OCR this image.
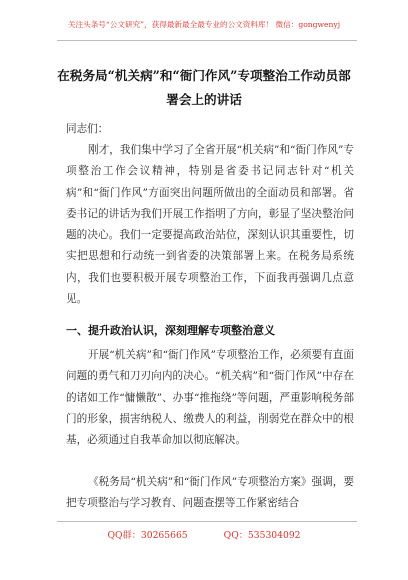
关注头条号“公文研究”，获得最新最全最专业的公文资料库！ 微信：gongwenyj
在税务局“机关病”和“衙门作风”专项整治工作动员部
署会上的讲话

同志们：

刚才，我们集中学习了全省开展“机关病”和“衙门作风”专项整治工作会议精神，特别是省委书记同志针对“机关病”和“衙门作风”方面突出问题所做出的全面动员和部署。省委书记的讲话为我们开展工作指明了方向，彰显了坚决整治问题的决心。我们一定要提高政治站位，深刻认识其重要性，切实把思想和行动统一到省委的决策部署上来。在税务局系统内，我们也要积极开展专项整治工作，下面我再强调几点意见。

一、提升政治认识，深刻理解专项整治意义

开展“机关病”和“衙门作风”专项整治工作，必须要有直面问题的勇气和刀刃向内的决心。“机关病”和“衙门作风”中存在的诸如工作“慵懒散”、办事“推拖绕”等问题，严重影响税务部门的形象，损害纳税人、缴费人的利益，削弱党在群众中的根基，必须通过自我革命加以彻底解决。

《税务局“机关病”和“衙门作风”专项整治方案》强调，要把专项整治与学习教育、问题查摆等工作紧密结合

QQ群：30265665	QQ：535304092
